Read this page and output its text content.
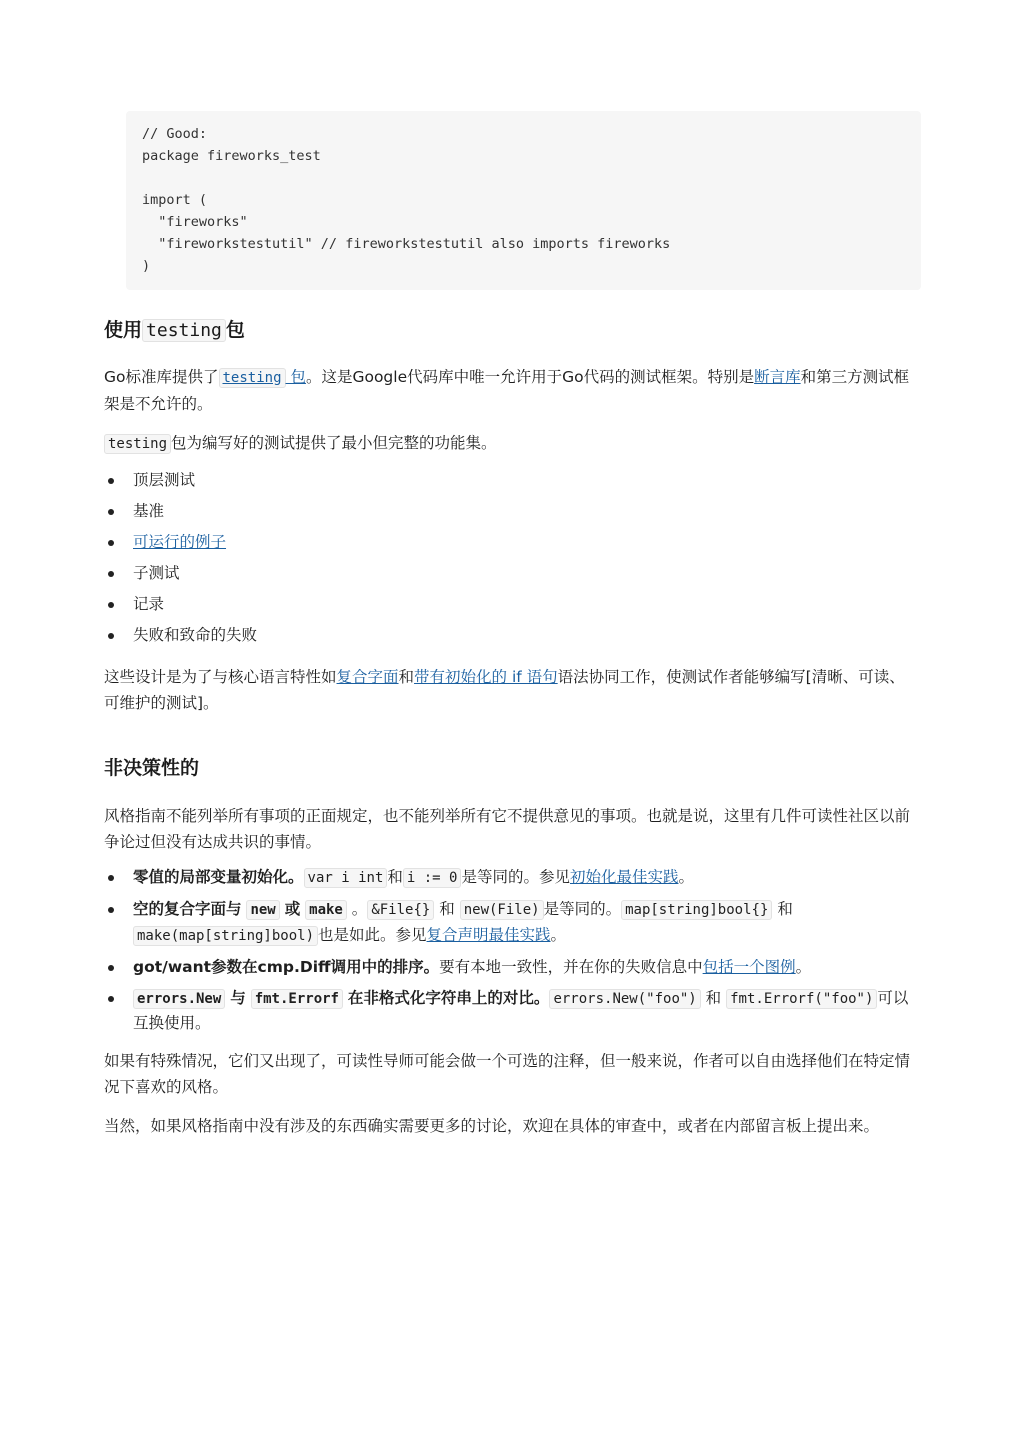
// Good:
package fireworks_test

import (
"fireworks"
"fireworkstestutil" // fireworkstestutil also imports fireworks
)
使用 testing 包

Go标准库提供了 testing 包。这是Google代码库中唯一允许用于Go代码的测试框架。特别是断言库和第三方测试框架是不允许的。

testing 包为编写好的测试提供了最小但完整的功能集。

顶层测试
基准
可运行的例子
子测试
记录
失败和致命的失败

这些设计是为了与核心语言特性如复合字面和带有初始化的 if 语句语法协同工作，使测试作者能够编写[清晰、可读、可维护的测试]。

非决策性的

风格指南不能列举所有事项的正面规定，也不能列举所有它不提供意见的事项。也就是说，这里有几件可读性社区以前争论过但没有达成共识的事情。

零值的局部变量初始化。 var i int 和 i := 0 是等同的。参见初始化最佳实践。
空的复合字面与 new 或 make 。 &File{} 和 new(File) 是等同的。 map[string]bool{} 和 make(map[string]bool) 也是如此。参见复合声明最佳实践。
got/want参数在cmp.Diff调用中的排序。要有本地一致性，并在你的失败信息中包括一个图例。
errors.New 与 fmt.Errorf 在非格式化字符串上的对比。 errors.New("foo") 和 fmt.Errorf("foo") 可以互换使用。

如果有特殊情况，它们又出现了，可读性导师可能会做一个可选的注释，但一般来说，作者可以自由选择他们在特定情况下喜欢的风格。

当然，如果风格指南中没有涉及的东西确实需要更多的讨论，欢迎在具体的审查中，或者在内部留言板上提出来。
